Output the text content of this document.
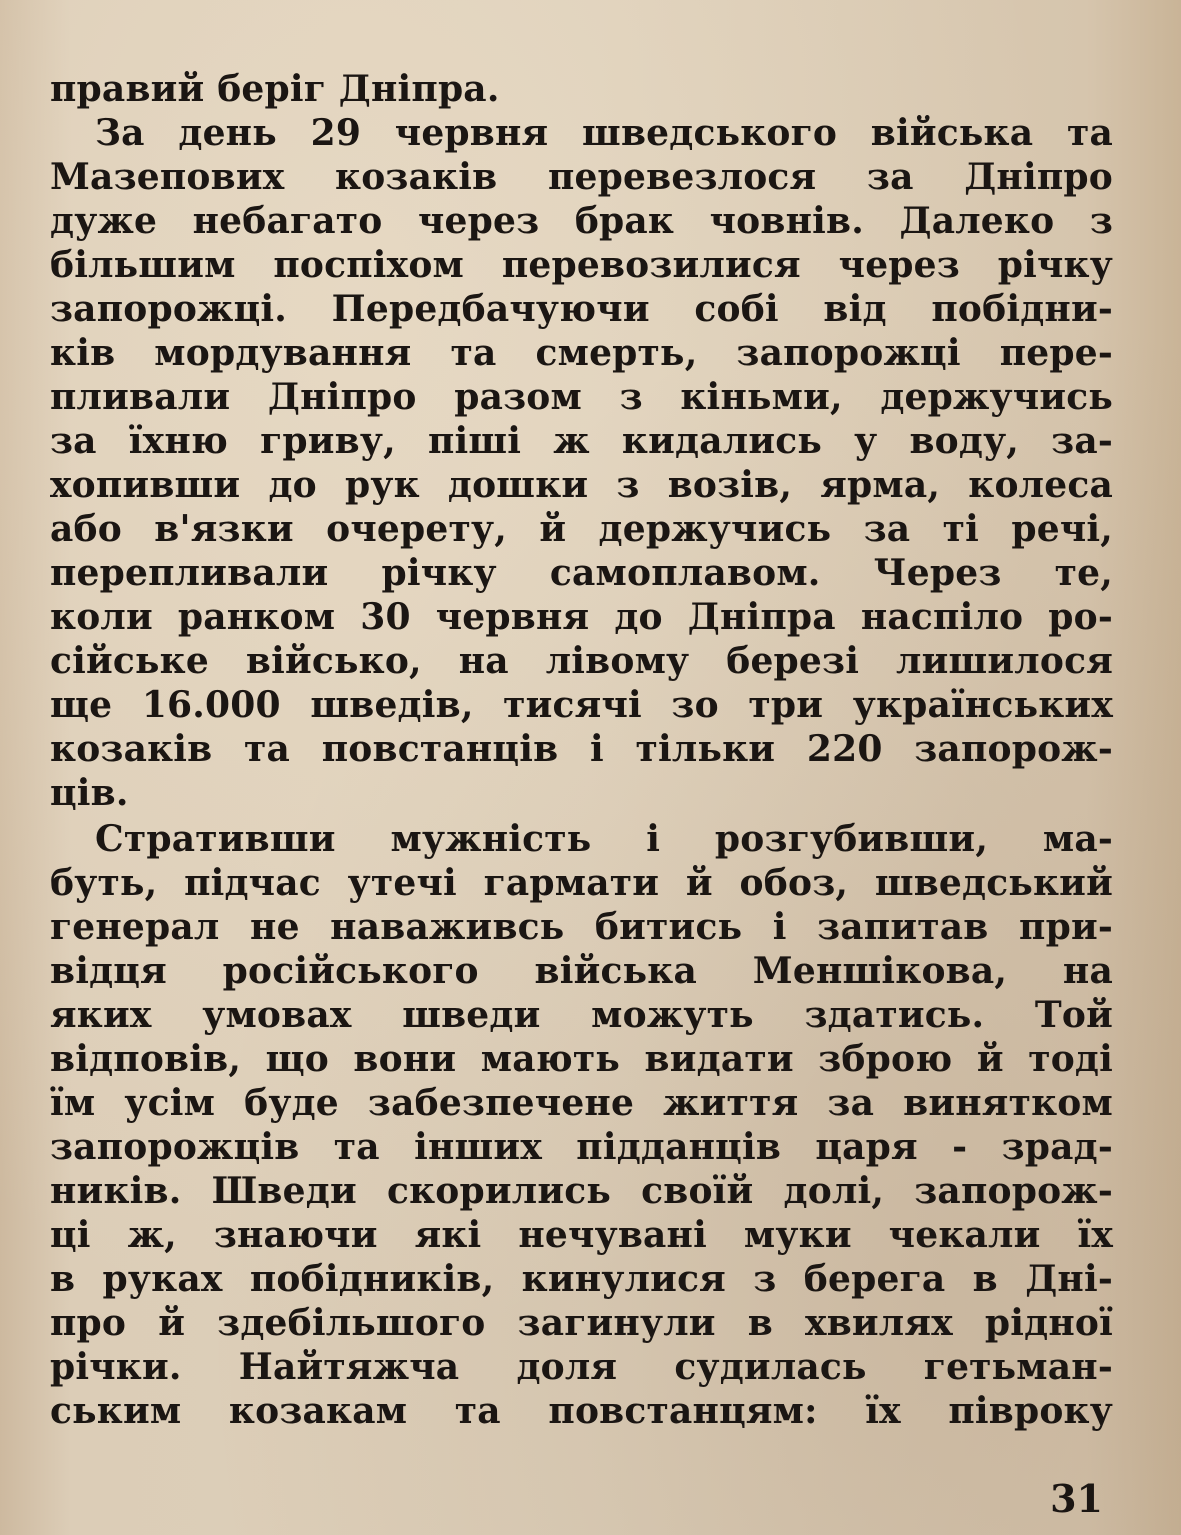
правий беріг Дніпра.

За день 29 червня шведського війська та

Мазепових козаків перевезлося за Дніпро

дуже небагато через брак човнів. Далеко з

більшим поспіхом перевозилися через річку

запорожці. Передбачуючи собі від побідни-

ків мордування та смерть, запорожці пере-

пливали Дніпро разом з кіньми, держучись

за їхню гриву, піші ж кидались у воду, за-

хопивши до рук дошки з возів, ярма, колеса

або в'язки очерету, й держучись за ті речі,

перепливали річку самоплавом. Через те,

коли ранком 30 червня до Дніпра наспіло ро-

сійське військо, на лівому березі лишилося

ще 16.000 шведів, тисячі зо три українських

козаків та повстанців і тільки 220 запорож-

ців.

Стративши мужність і розгубивши, ма-

буть, підчас утечі гармати й обоз, шведський

генерал не наваживсь битись і запитав при-

відця російського війська Меншікова, на

яких умовах шведи можуть здатись. Той

відповів, що вони мають видати зброю й тоді

їм усім буде забезпечене життя за винятком

запорожців та інших підданців царя - зрад-

ників. Шведи скорились своїй долі, запорож-

ці ж, знаючи які нечувані муки чекали їх

в руках побідників, кинулися з берега в Дні-

про й здебільшого загинули в хвилях рідної

річки. Найтяжча доля судилась гетьман-

ським козакам та повстанцям: їх півроку

31
